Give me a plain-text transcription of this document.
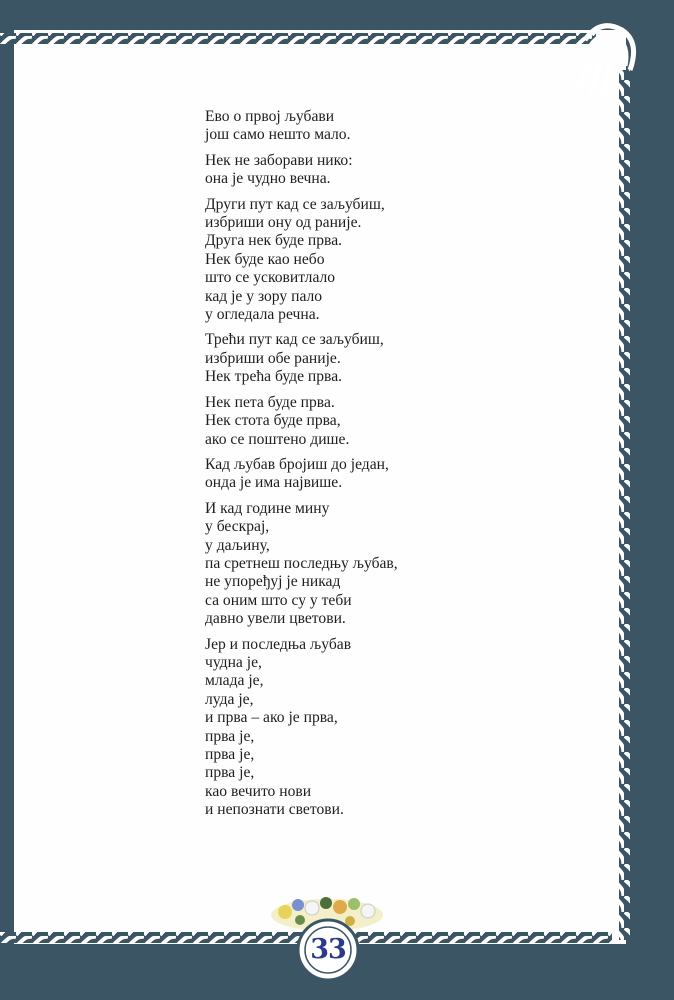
Ево о првој љубави
још само нешто мало.
Нек не заборави нико:
она је чудно вечна.
Други пут кад се заљубиш,
избриши ону од раније.
Друга нек буде прва.
Нек буде као небо
што се усковитлало
кад је у зору пало
у огледала речна.
Трећи пут кад се заљубиш,
избриши обе раније.
Нек трећа буде прва.
Нек пета буде прва.
Нек стота буде прва,
ако се поштено дише.
Кад љубав бројиш до један,
онда је има највише.
И кад године мину
у бескрај,
у даљину,
па сретнеш последњу љубав,
не упоређуј је никад
са оним што су у теби
давно увели цветови.
Јер и последња љубав
чудна је,
млада је,
луда је,
и прва – ако је прва,
прва је,
прва је,
прва је,
као вечито нови
и непознати светови.
33
